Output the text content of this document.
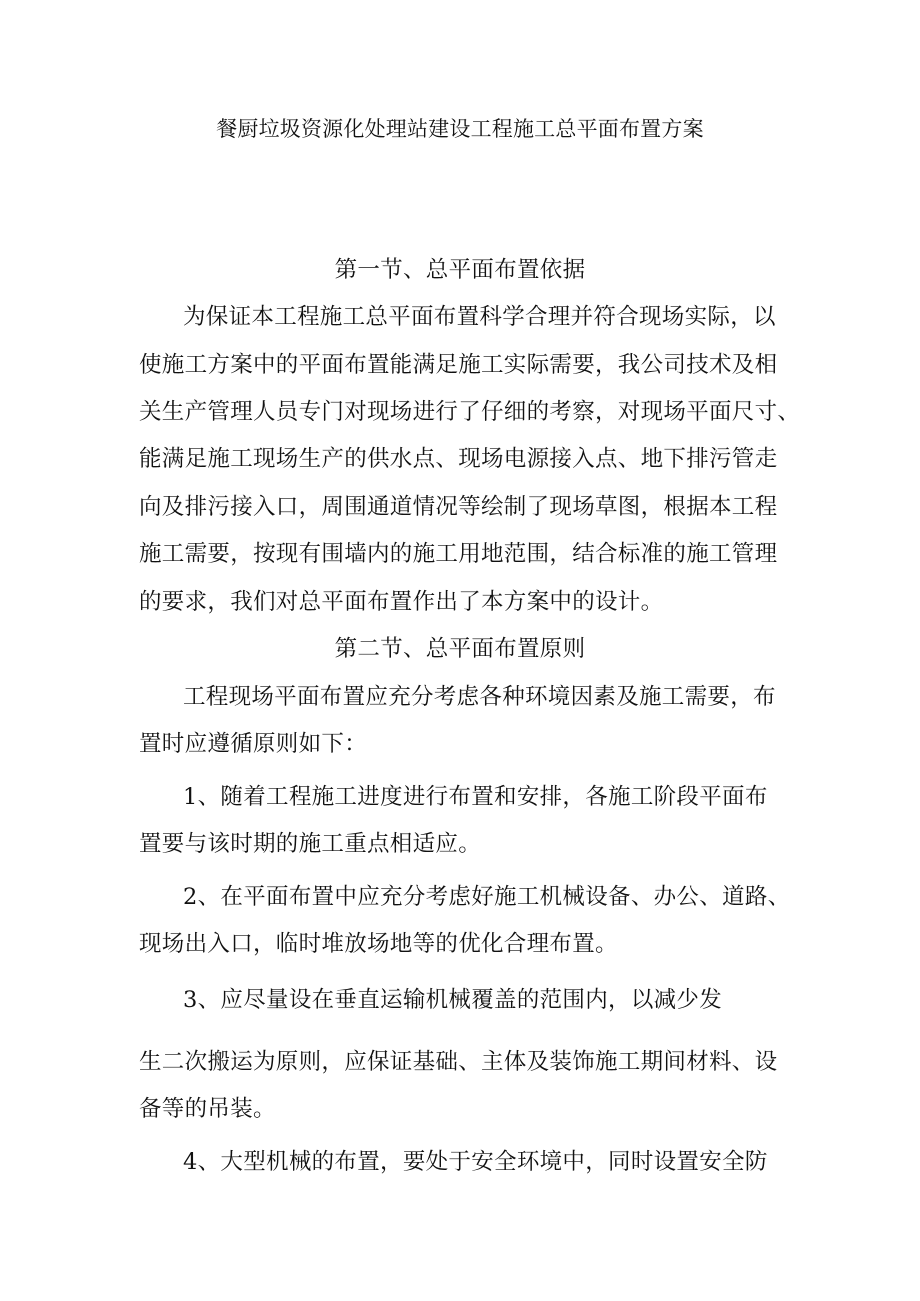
餐厨垃圾资源化处理站建设工程施工总平面布置方案
第一节、总平面布置依据
为保证本工程施工总平面布置科学合理并符合现场实际，以
使施工方案中的平面布置能满足施工实际需要，我公司技术及相
关生产管理人员专门对现场进行了仔细的考察，对现场平面尺寸、
能满足施工现场生产的供水点、现场电源接入点、地下排污管走
向及排污接入口，周围通道情况等绘制了现场草图，根据本工程
施工需要，按现有围墙内的施工用地范围，结合标准的施工管理
的要求，我们对总平面布置作出了本方案中的设计。
第二节、总平面布置原则
工程现场平面布置应充分考虑各种环境因素及施工需要，布
置时应遵循原则如下：
1、随着工程施工进度进行布置和安排，各施工阶段平面布
置要与该时期的施工重点相适应。
2、在平面布置中应充分考虑好施工机械设备、办公、道路、
现场出入口，临时堆放场地等的优化合理布置。
3、应尽量设在垂直运输机械覆盖的范围内，以减少发
生二次搬运为原则，应保证基础、主体及装饰施工期间材料、设
备等的吊装。
4、大型机械的布置，要处于安全环境中，同时设置安全防
